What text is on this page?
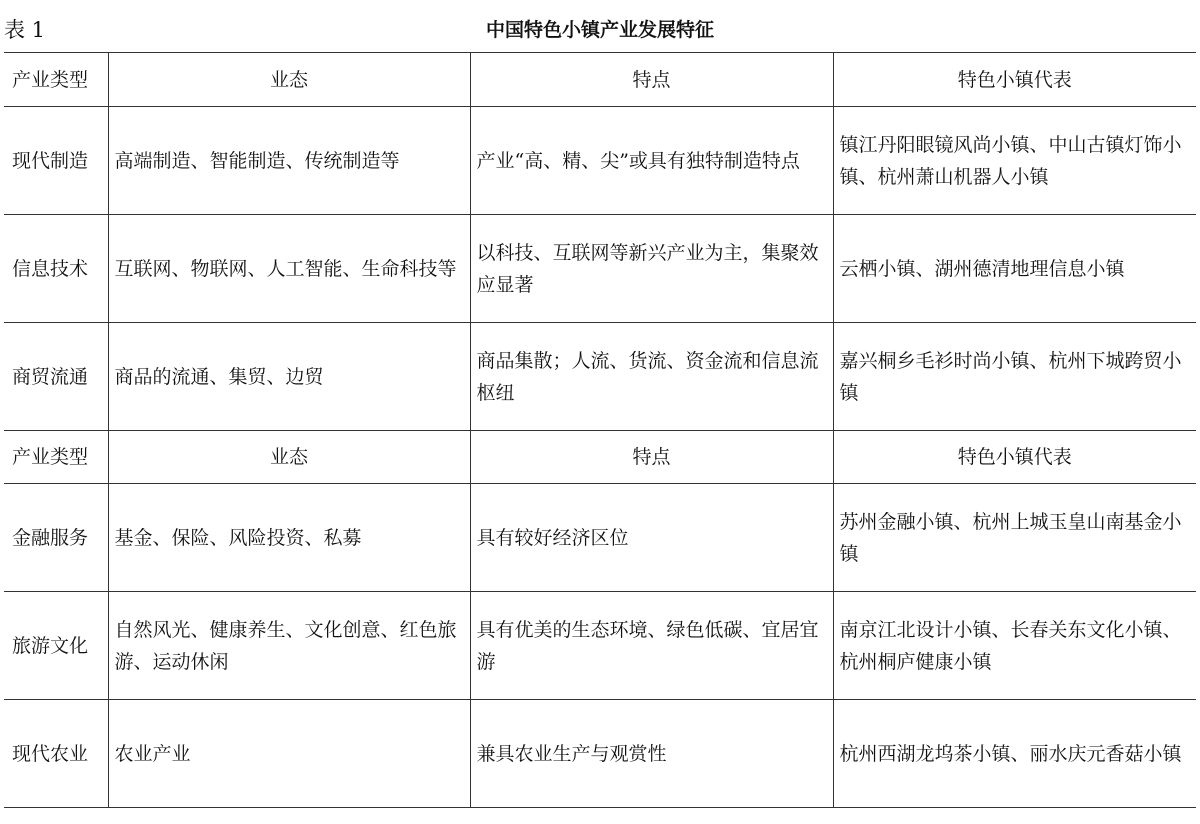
表 1	中国特色小镇产业发展特征
产业类型	业态	特点	特色小镇代表
现代制造	高端制造、智能制造、传统制造等	产业“高、精、尖”或具有独特制造特点	镇江丹阳眼镜风尚小镇、中山古镇灯饰小镇、杭州萧山机器人小镇
信息技术	互联网、物联网、人工智能、生命科技等	以科技、互联网等新兴产业为主，集聚效应显著	云栖小镇、湖州德清地理信息小镇
商贸流通	商品的流通、集贸、边贸	商品集散；人流、货流、资金流和信息流枢纽	嘉兴桐乡毛衫时尚小镇、杭州下城跨贸小镇
产业类型	业态	特点	特色小镇代表
金融服务	基金、保险、风险投资、私募	具有较好经济区位	苏州金融小镇、杭州上城玉皇山南基金小镇
旅游文化	自然风光、健康养生、文化创意、红色旅游、运动休闲	具有优美的生态环境、绿色低碳、宜居宜游	南京江北设计小镇、长春关东文化小镇、杭州桐庐健康小镇
现代农业	农业产业	兼具农业生产与观赏性	杭州西湖龙坞茶小镇、丽水庆元香菇小镇
